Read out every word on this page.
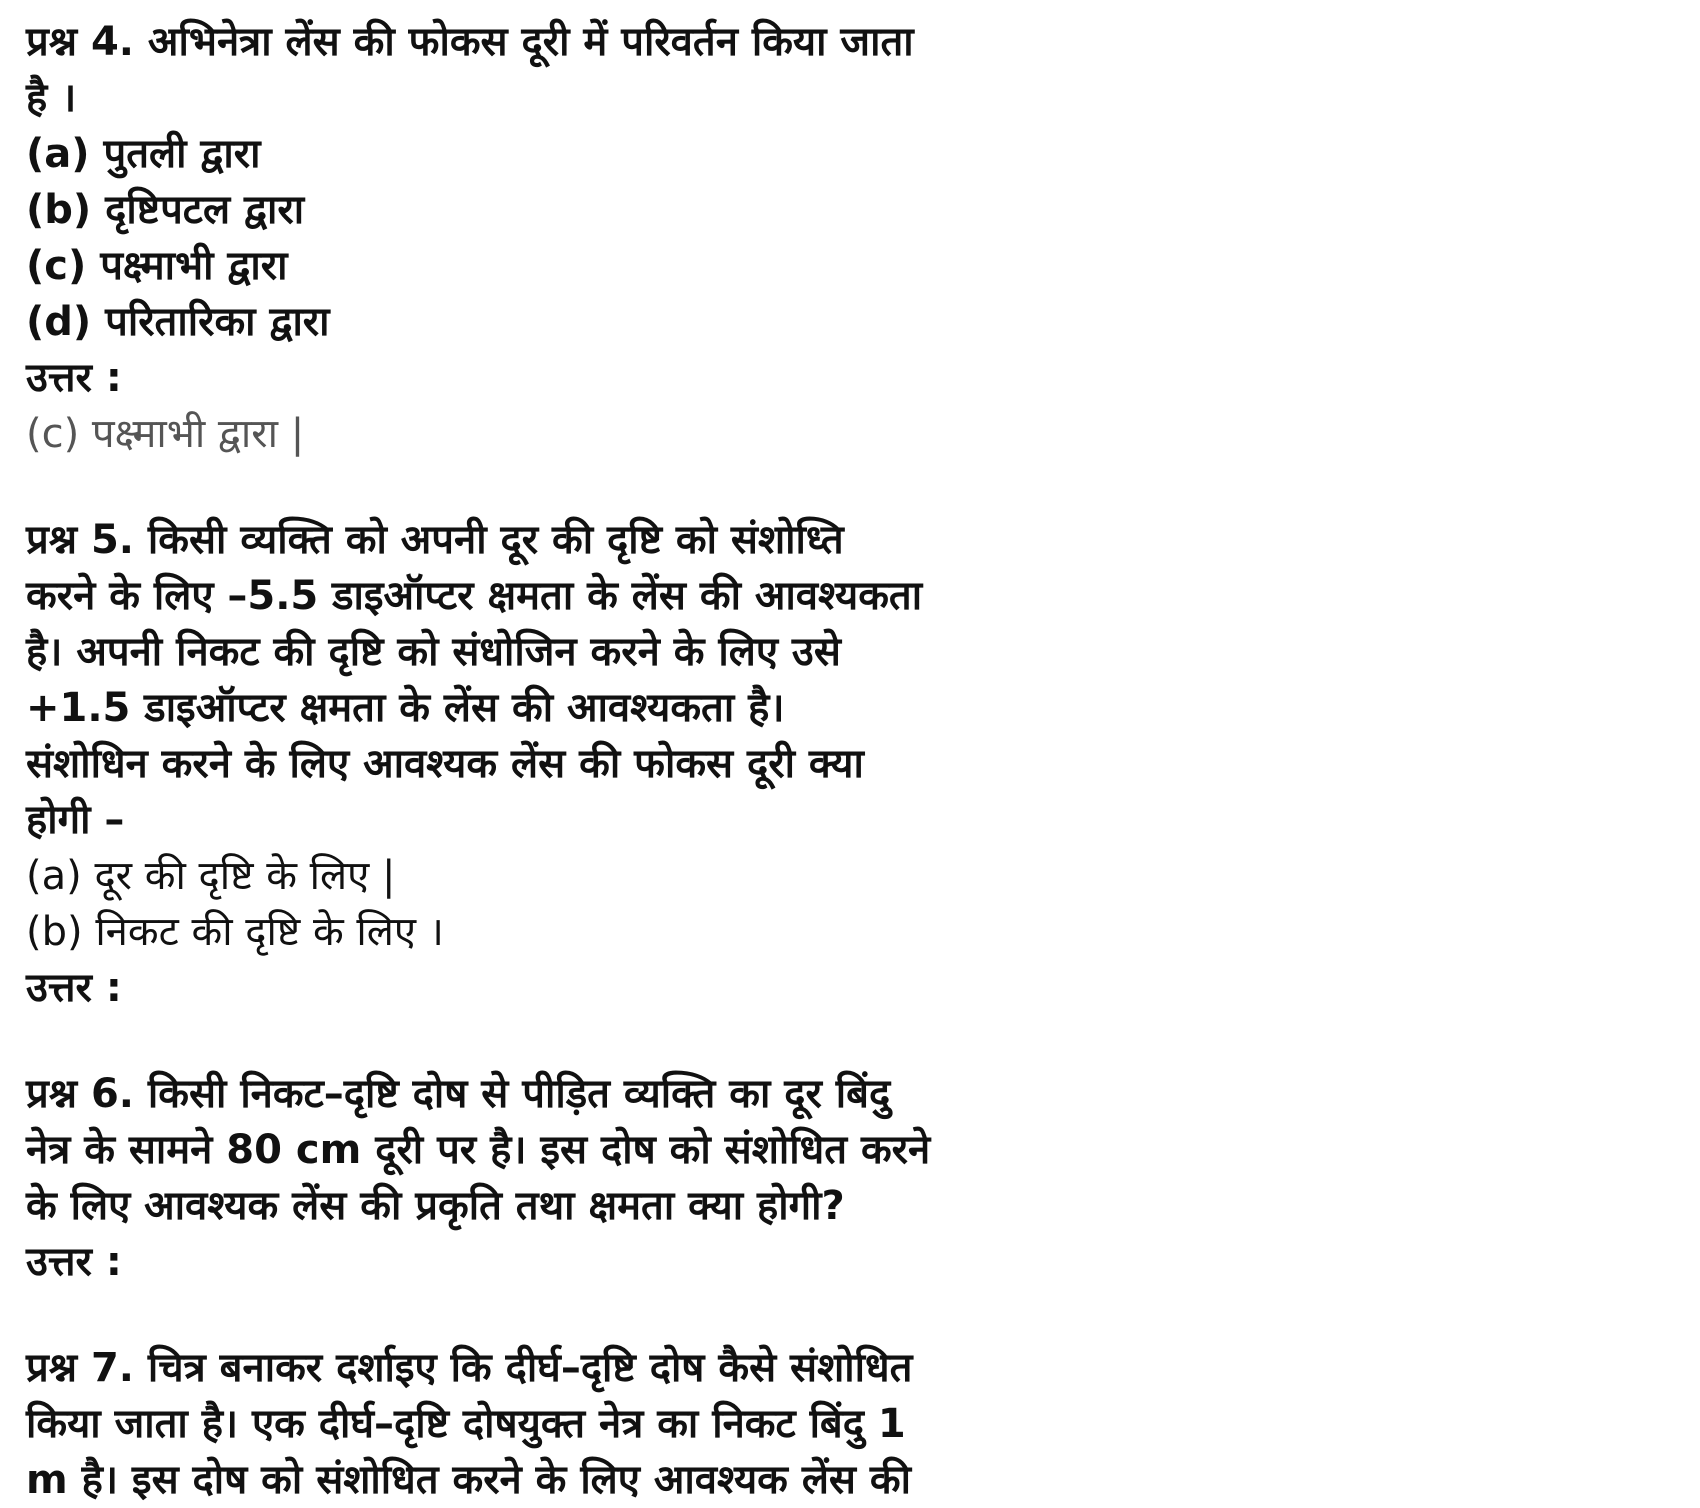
प्रश्न 4. अभिनेत्रा लेंस की फोकस दूरी में परिवर्तन किया जाता
है ।
(a) पुतली द्वारा
(b) दृष्टिपटल द्वारा
(c) पक्ष्माभी द्वारा
(d) परितारिका द्वारा
उत्तर :
(c) पक्ष्माभी द्वारा |
प्रश्न 5. किसी व्यक्ति को अपनी दूर की दृष्टि को संशोध्ति
करने के लिए –5.5 डाइऑप्टर क्षमता के लेंस की आवश्यकता
है। अपनी निकट की दृष्टि को संधोजिन करने के लिए उसे
+1.5 डाइऑप्टर क्षमता के लेंस की आवश्यकता है।
संशोधिन करने के लिए आवश्यक लेंस की फोकस दूरी क्या
होगी –
(a) दूर की दृष्टि के लिए |
(b) निकट की दृष्टि के लिए ।
उत्तर :
प्रश्न 6. किसी निकट–दृष्टि दोष से पीड़ित व्यक्ति का दूर बिंदु
नेत्र के सामने 80 cm दूरी पर है। इस दोष को संशोधित करने
के लिए आवश्यक लेंस की प्रकृति तथा क्षमता क्या होगी?
उत्तर :
प्रश्न 7. चित्र बनाकर दर्शाइए कि दीर्घ–दृष्टि दोष कैसे संशोधित
किया जाता है। एक दीर्घ–दृष्टि दोषयुक्त नेत्र का निकट बिंदु 1
m है। इस दोष को संशोधित करने के लिए आवश्यक लेंस की
